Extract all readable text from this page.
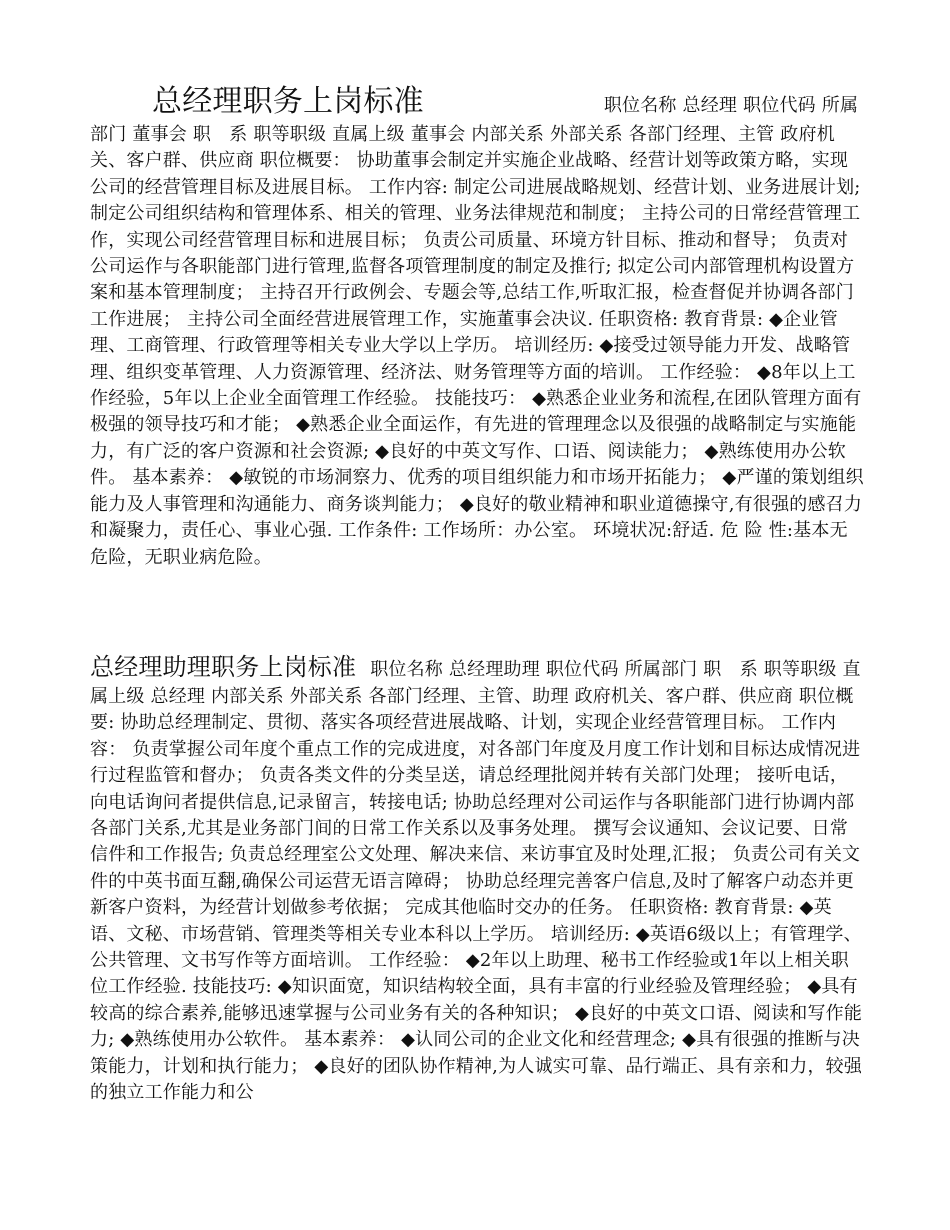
总经理职务上岗标准	职位名称 总经理 职位代码 所属部门 董事会 职　系 职等职级 直属上级 董事会 内部关系 外部关系 各部门经理、主管 政府机关、客户群、供应商 职位概要： 协助董事会制定并实施企业战略、经营计划等政策方略，实现公司的经营管理目标及进展目标。 工作内容: 制定公司进展战略规划、经营计划、业务进展计划; 制定公司组织结构和管理体系、相关的管理、业务法律规范和制度； 主持公司的日常经营管理工作，实现公司经营管理目标和进展目标； 负责公司质量、环境方针目标、推动和督导； 负责对公司运作与各职能部门进行管理,监督各项管理制度的制定及推行; 拟定公司内部管理机构设置方案和基本管理制度； 主持召开行政例会、专题会等,总结工作,听取汇报，检查督促并协调各部门工作进展； 主持公司全面经营进展管理工作，实施董事会决议. 任职资格: 教育背景: ◆企业管理、工商管理、行政管理等相关专业大学以上学历。 培训经历: ◆接受过领导能力开发、战略管理、组织变革管理、人力资源管理、经济法、财务管理等方面的培训。 工作经验： ◆8年以上工作经验，5年以上企业全面管理工作经验。 技能技巧： ◆熟悉企业业务和流程,在团队管理方面有极强的领导技巧和才能； ◆熟悉企业全面运作，有先进的管理理念以及很强的战略制定与实施能力，有广泛的客户资源和社会资源; ◆良好的中英文写作、口语、阅读能力； ◆熟练使用办公软件。 基本素养： ◆敏锐的市场洞察力、优秀的项目组织能力和市场开拓能力； ◆严谨的策划组织能力及人事管理和沟通能力、商务谈判能力； ◆良好的敬业精神和职业道德操守,有很强的感召力和凝聚力，责任心、事业心强. 工作条件: 工作场所：办公室。 环境状况:舒适. 危 险 性:基本无危险，无职业病危险。
总经理助理职务上岗标准 职位名称 总经理助理 职位代码 所属部门 职　系 职等职级 直属上级 总经理 内部关系 外部关系 各部门经理、主管、助理 政府机关、客户群、供应商 职位概要: 协助总经理制定、贯彻、落实各项经营进展战略、计划，实现企业经营管理目标。 工作内容： 负责掌握公司年度个重点工作的完成进度，对各部门年度及月度工作计划和目标达成情况进行过程监管和督办； 负责各类文件的分类呈送，请总经理批阅并转有关部门处理； 接听电话，向电话询问者提供信息,记录留言，转接电话; 协助总经理对公司运作与各职能部门进行协调内部各部门关系,尤其是业务部门间的日常工作关系以及事务处理。 撰写会议通知、会议记要、日常信件和工作报告; 负责总经理室公文处理、解决来信、来访事宜及时处理,汇报； 负责公司有关文件的中英书面互翻,确保公司运营无语言障碍； 协助总经理完善客户信息,及时了解客户动态并更新客户资料，为经营计划做参考依据； 完成其他临时交办的任务。 任职资格: 教育背景: ◆英语、文秘、市场营销、管理类等相关专业本科以上学历。 培训经历: ◆英语6级以上；有管理学、公共管理、文书写作等方面培训。 工作经验： ◆2年以上助理、秘书工作经验或1年以上相关职位工作经验. 技能技巧: ◆知识面宽，知识结构较全面，具有丰富的行业经验及管理经验； ◆具有较高的综合素养,能够迅速掌握与公司业务有关的各种知识； ◆良好的中英文口语、阅读和写作能力; ◆熟练使用办公软件。 基本素养： ◆认同公司的企业文化和经营理念; ◆具有很强的推断与决策能力，计划和执行能力； ◆良好的团队协作精神,为人诚实可靠、品行端正、具有亲和力，较强的独立工作能力和公
